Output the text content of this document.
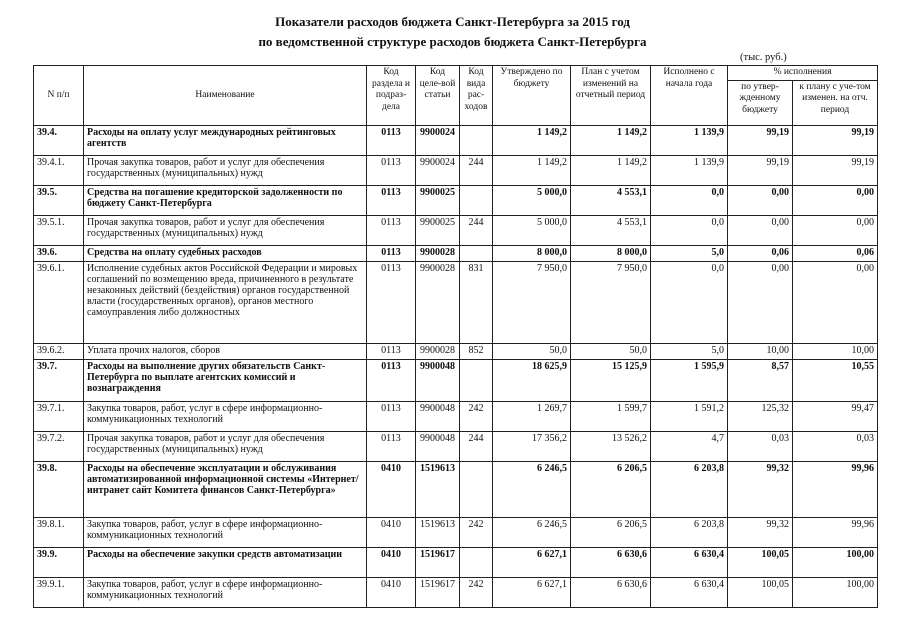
Показатели расходов бюджета Санкт-Петербурга за 2015 год
по ведомственной структуре расходов бюджета Санкт-Петербурга
(тыс. руб.)
N п/п	Наименование	Код раздела и подраз-дела	Код целе-вой статьи	Код вида рас-ходов	Утверждено по бюджету	План с учетом изменений на отчетный период	Исполнено с начала года	% исполнения	
								по утвер-жденному бюджету	к плану с уче-том изменен. на отч. период
39.4.	Расходы на оплату услуг международных рейтинговых агентств	0113	9900024		1 149,2	1 149,2	1 139,9	99,19	99,19
39.4.1.	Прочая закупка товаров, работ и услуг для обеспечения государственных (муниципальных) нужд	0113	9900024	244	1 149,2	1 149,2	1 139,9	99,19	99,19
39.5.	Средства на погашение кредиторской задолженности по бюджету Санкт-Петербурга	0113	9900025		5 000,0	4 553,1	0,0	0,00	0,00
39.5.1.	Прочая закупка товаров, работ и услуг для обеспечения государственных (муниципальных) нужд	0113	9900025	244	5 000,0	4 553,1	0,0	0,00	0,00
39.6.	Средства на оплату судебных расходов	0113	9900028		8 000,0	8 000,0	5,0	0,06	0,06
39.6.1.	Исполнение судебных актов Российской Федерации и мировых соглашений по возмещению вреда, причиненного в результате незаконных действий (бездействия) органов государственной власти (государственных органов), органов местного самоуправления либо должностных	0113	9900028	831	7 950,0	7 950,0	0,0	0,00	0,00
39.6.2.	Уплата прочих налогов, сборов	0113	9900028	852	50,0	50,0	5,0	10,00	10,00
39.7.	Расходы на выполнение других обязательств Санкт-Петербурга по выплате агентских комиссий и вознаграждения	0113	9900048		18 625,9	15 125,9	1 595,9	8,57	10,55
39.7.1.	Закупка товаров, работ, услуг в сфере информационно-коммуникационных технологий	0113	9900048	242	1 269,7	1 599,7	1 591,2	125,32	99,47
39.7.2.	Прочая закупка товаров, работ и услуг для обеспечения государственных (муниципальных) нужд	0113	9900048	244	17 356,2	13 526,2	4,7	0,03	0,03
39.8.	Расходы на обеспечение эксплуатации и обслуживания автоматизированной информационной системы «Интернет/интранет сайт Комитета финансов Санкт-Петербурга»	0410	1519613		6 246,5	6 206,5	6 203,8	99,32	99,96
39.8.1.	Закупка товаров, работ, услуг в сфере информационно-коммуникационных технологий	0410	1519613	242	6 246,5	6 206,5	6 203,8	99,32	99,96
39.9.	Расходы на обеспечение закупки средств автоматизации	0410	1519617		6 627,1	6 630,6	6 630,4	100,05	100,00
39.9.1.	Закупка товаров, работ, услуг в сфере информационно-коммуникационных технологий	0410	1519617	242	6 627,1	6 630,6	6 630,4	100,05	100,00
